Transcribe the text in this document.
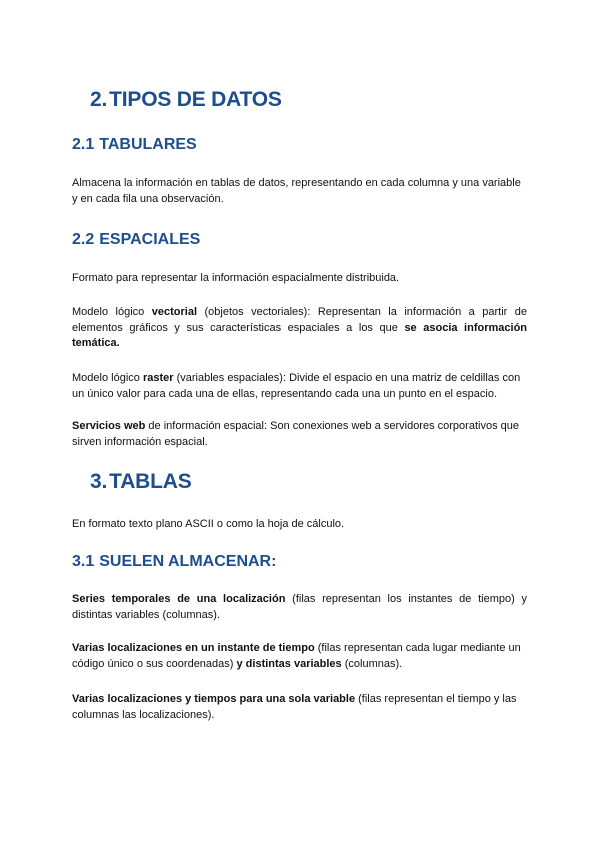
2.TIPOS DE DATOS
2.1 TABULARES

Almacena la información en tablas de datos, representando en cada columna y una variable y en cada fila una observación.

2.2 ESPACIALES

Formato para representar la información espacialmente distribuida.

Modelo lógico vectorial (objetos vectoriales): Representan la información a partir de elementos gráficos y sus características espaciales a los que se asocia información temática.

Modelo lógico raster (variables espaciales): Divide el espacio en una matriz de celdillas con un único valor para cada una de ellas, representando cada una un punto en el espacio.

Servicios web de información espacial: Son conexiones web a servidores corporativos que sirven información espacial.

3.TABLAS

En formato texto plano ASCII o como la hoja de cálculo.

3.1 SUELEN ALMACENAR:

Series temporales de una localización (filas representan los instantes de tiempo) y distintas variables (columnas).

Varias localizaciones en un instante de tiempo (filas representan cada lugar mediante un código único o sus coordenadas) y distintas variables (columnas).

Varias localizaciones y tiempos para una sola variable (filas representan el tiempo y las columnas las localizaciones).
